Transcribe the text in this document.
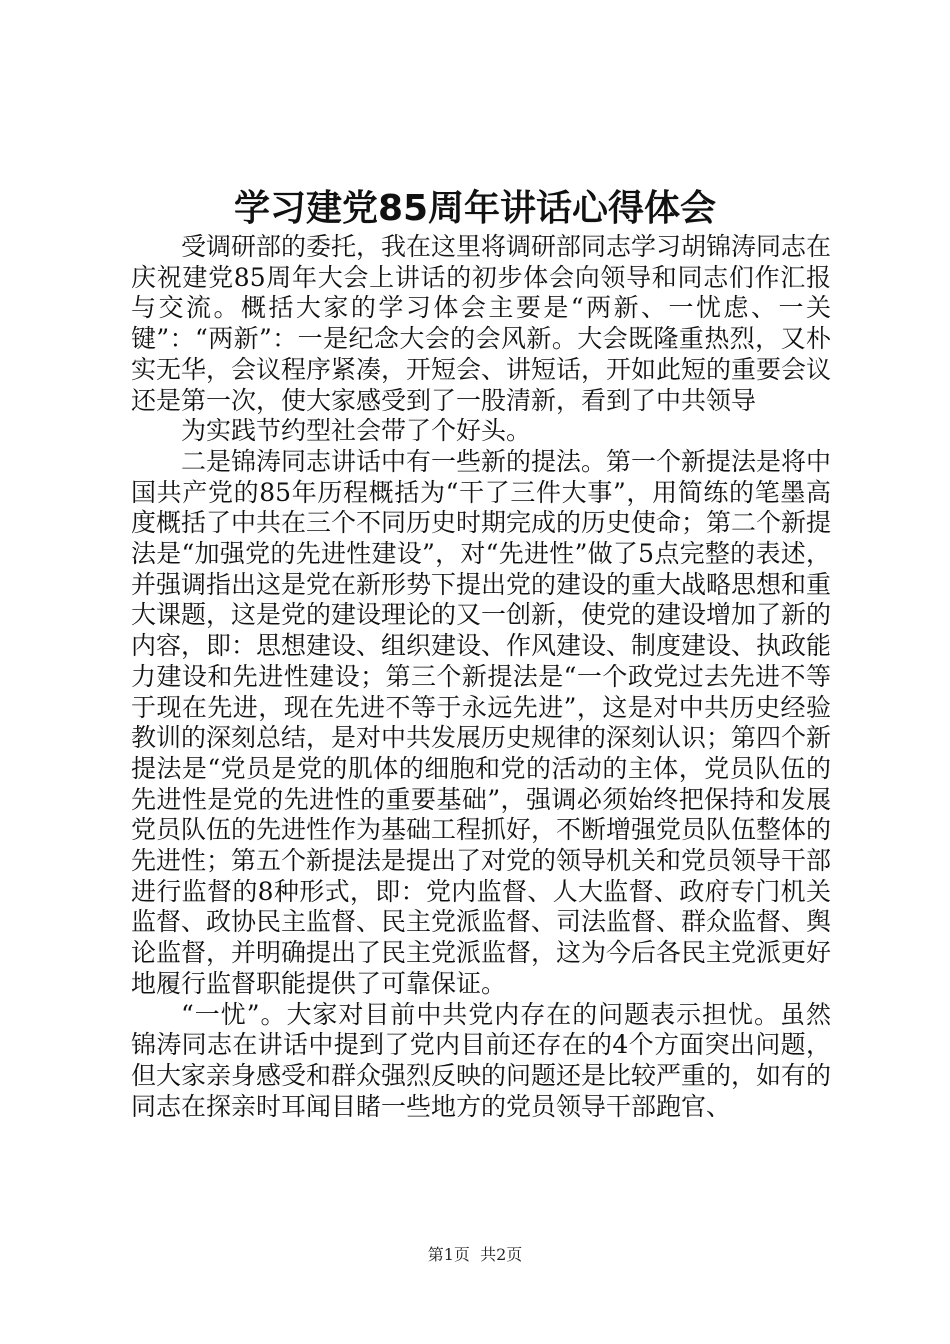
学习建党85周年讲话心得体会

受调研部的委托，我在这里将调研部同志学习胡锦涛同志在庆祝建党85周年大会上讲话的初步体会向领导和同志们作汇报与交流。概括大家的学习体会主要是“两新、一忧虑、一关键”：“两新”：一是纪念大会的会风新。大会既隆重热烈，又朴实无华，会议程序紧凑，开短会、讲短话，开如此短的重要会议还是第一次，使大家感受到了一股清新，看到了中共领导

为实践节约型社会带了个好头。

二是锦涛同志讲话中有一些新的提法。第一个新提法是将中国共产党的85年历程概括为“干了三件大事”，用简练的笔墨高度概括了中共在三个不同历史时期完成的历史使命；第二个新提法是“加强党的先进性建设”，对“先进性”做了5点完整的表述，并强调指出这是党在新形势下提出党的建设的重大战略思想和重大课题，这是党的建设理论的又一创新，使党的建设增加了新的内容，即：思想建设、组织建设、作风建设、制度建设、执政能力建设和先进性建设；第三个新提法是“一个政党过去先进不等于现在先进，现在先进不等于永远先进”，这是对中共历史经验教训的深刻总结，是对中共发展历史规律的深刻认识；第四个新提法是“党员是党的肌体的细胞和党的活动的主体，党员队伍的先进性是党的先进性的重要基础”，强调必须始终把保持和发展党员队伍的先进性作为基础工程抓好，不断增强党员队伍整体的先进性；第五个新提法是提出了对党的领导机关和党员领导干部进行监督的8种形式，即：党内监督、人大监督、政府专门机关监督、政协民主监督、民主党派监督、司法监督、群众监督、舆论监督，并明确提出了民主党派监督，这为今后各民主党派更好地履行监督职能提供了可靠保证。

“一忧”。大家对目前中共党内存在的问题表示担忧。虽然锦涛同志在讲话中提到了党内目前还存在的4个方面突出问题，但大家亲身感受和群众强烈反映的问题还是比较严重的，如有的同志在探亲时耳闻目睹一些地方的党员领导干部跑官、

第1页 共2页
